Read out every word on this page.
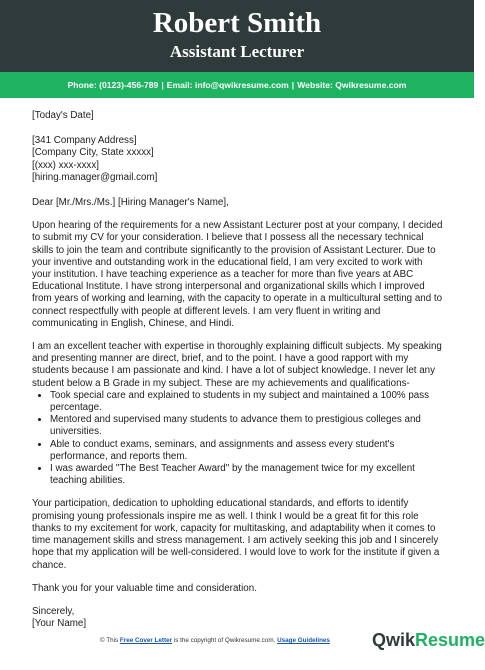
Robert Smith
Assistant Lecturer
Phone: (0123)-456-789 | Email: info@qwikresume.com | Website: Qwikresume.com

[Today's Date]

[341 Company Address]

[Company City, State xxxxx]

[(xxx) xxx-xxxx]

[hiring.manager@gmail.com]

Dear [Mr./Mrs./Ms.] [Hiring Manager's Name],

Upon hearing of the requirements for a new Assistant Lecturer post at your company, I decided to submit my CV for your consideration. I believe that I possess all the necessary technical skills to join the team and contribute significantly to the provision of Assistant Lecturer. Due to your inventive and outstanding work in the educational field, I am very excited to work with your institution. I have teaching experience as a teacher for more than five years at ABC Educational Institute. I have strong interpersonal and organizational skills which I improved from years of working and learning, with the capacity to operate in a multicultural setting and to connect respectfully with people at different levels. I am very fluent in writing and communicating in English, Chinese, and Hindi.

I am an excellent teacher with expertise in thoroughly explaining difficult subjects. My speaking and presenting manner are direct, brief, and to the point. I have a good rapport with my students because I am passionate and kind. I have a lot of subject knowledge. I never let any student below a B Grade in my subject. These are my achievements and qualifications-

• Took special care and explained to students in my subject and maintained a 100% pass percentage.
• Mentored and supervised many students to advance them to prestigious colleges and universities.
• Able to conduct exams, seminars, and assignments and assess every student's performance, and reports them.
• I was awarded "The Best Teacher Award" by the management twice for my excellent teaching abilities.

Your participation, dedication to upholding educational standards, and efforts to identify promising young professionals inspire me as well. I think I would be a great fit for this role thanks to my excitement for work, capacity for multitasking, and adaptability when it comes to time management skills and stress management. I am actively seeking this job and I sincerely hope that my application will be well-considered. I would love to work for the institute if given a chance.

Thank you for your valuable time and consideration.

Sincerely,

[Your Name]

© This Free Cover Letter is the copyright of Qwikresume.com. Usage Guidelines QwikResume
